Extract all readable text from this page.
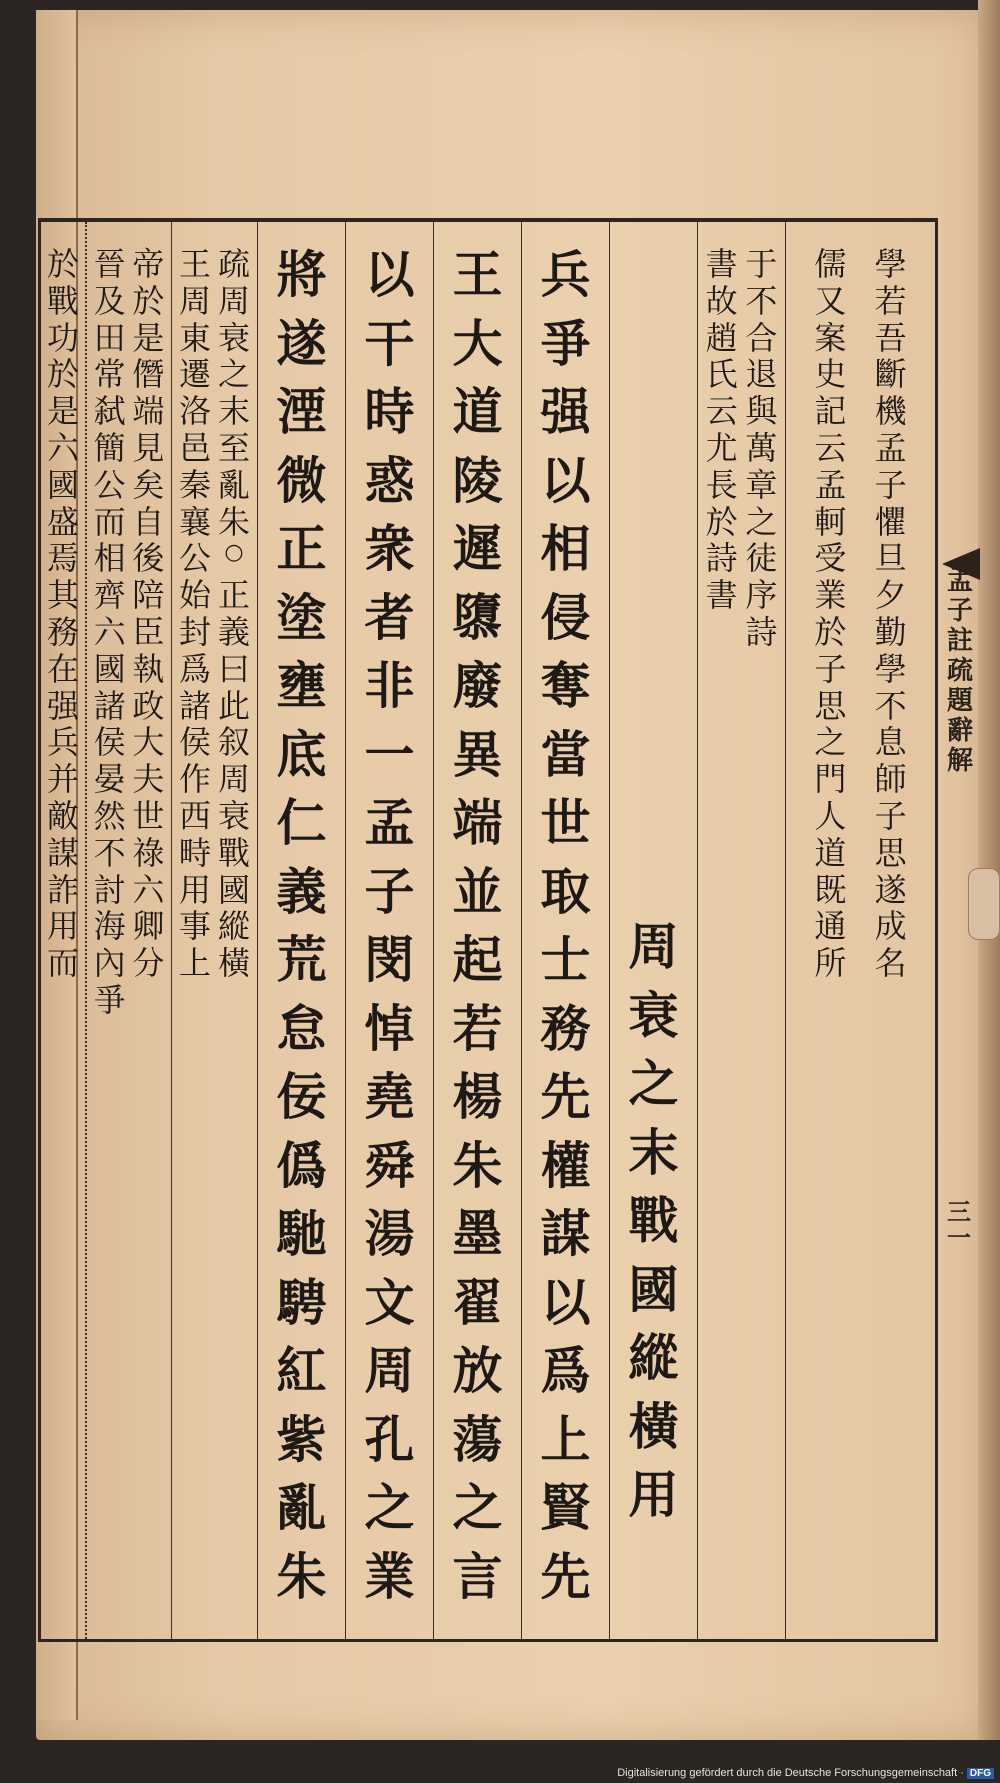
學
若
吾
斷
機
孟
子
懼
旦
夕
勤
學
不
息
師
子
思
遂
成
名
儒
又
案
史
記
云
孟
軻
受
業
於
子
思
之
門
人
道
既
通
所
于
不
合
退
與
萬
章
之
徒
序
詩
書
故
趙
氏
云
尤
長
於
詩
書
周
衰
之
末
戰
國
縱
橫
用
兵
爭
强
以
相
侵
奪
當
世
取
士
務
先
權
謀
以
爲
上
賢
先
王
大
道
陵
遲
隳
廢
異
端
並
起
若
楊
朱
墨
翟
放
蕩
之
言
以
干
時
惑
衆
者
非
一
孟
子
閔
悼
堯
舜
湯
文
周
孔
之
業
將
遂
湮
微
正
塗
壅
底
仁
義
荒
怠
佞
僞
馳
騁
紅
紫
亂
朱
疏
周
衰
之
末
至
亂
朱
○
正
義
曰
此
叙
周
衰
戰
國
縱
橫
王
周
東
遷
洛
邑
秦
襄
公
始
封
爲
諸
侯
作
西
畤
用
事
上
帝
於
是
僭
端
見
矣
自
後
陪
臣
執
政
大
夫
世
祿
六
卿
分
晉
及
田
常
弑
簡
公
而
相
齊
六
國
諸
侯
晏
然
不
討
海
內
爭
於
戰
功
於
是
六
國
盛
焉
其
務
在
强
兵
并
敵
謀
詐
用
而
孟
子
註
疏
題
辭
解
三
一
Digitalisierung gefördert durch die Deutsche Forschungsgemeinschaft · DFG
